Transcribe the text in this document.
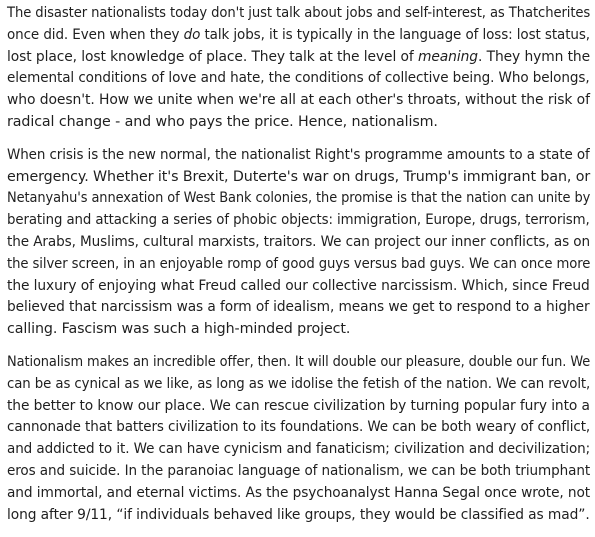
The disaster nationalists today don't just talk about jobs and self-interest, as Thatcherites
once did. Even when they do talk jobs, it is typically in the language of loss: lost status,
lost place, lost knowledge of place. They talk at the level of meaning. They hymn the
elemental conditions of love and hate, the conditions of collective being. Who belongs,
who doesn't. How we unite when we're all at each other's throats, without the risk of
radical change - and who pays the price. Hence, nationalism.

When crisis is the new normal, the nationalist Right's programme amounts to a state of
emergency. Whether it's Brexit, Duterte's war on drugs, Trump's immigrant ban, or
Netanyahu's annexation of West Bank colonies, the promise is that the nation can unite by
berating and attacking a series of phobic objects: immigration, Europe, drugs, terrorism,
the Arabs, Muslims, cultural marxists, traitors. We can project our inner conflicts, as on
the silver screen, in an enjoyable romp of good guys versus bad guys. We can once more
the luxury of enjoying what Freud called our collective narcissism. Which, since Freud
believed that narcissism was a form of idealism, means we get to respond to a higher
calling. Fascism was such a high-minded project.

Nationalism makes an incredible offer, then. It will double our pleasure, double our fun. We
can be as cynical as we like, as long as we idolise the fetish of the nation. We can revolt,
the better to know our place. We can rescue civilization by turning popular fury into a
cannonade that batters civilization to its foundations. We can be both weary of conflict,
and addicted to it. We can have cynicism and fanaticism; civilization and decivilization;
eros and suicide. In the paranoiac language of nationalism, we can be both triumphant
and immortal, and eternal victims. As the psychoanalyst Hanna Segal once wrote, not
long after 9/11, “if individuals behaved like groups, they would be classified as mad”.
